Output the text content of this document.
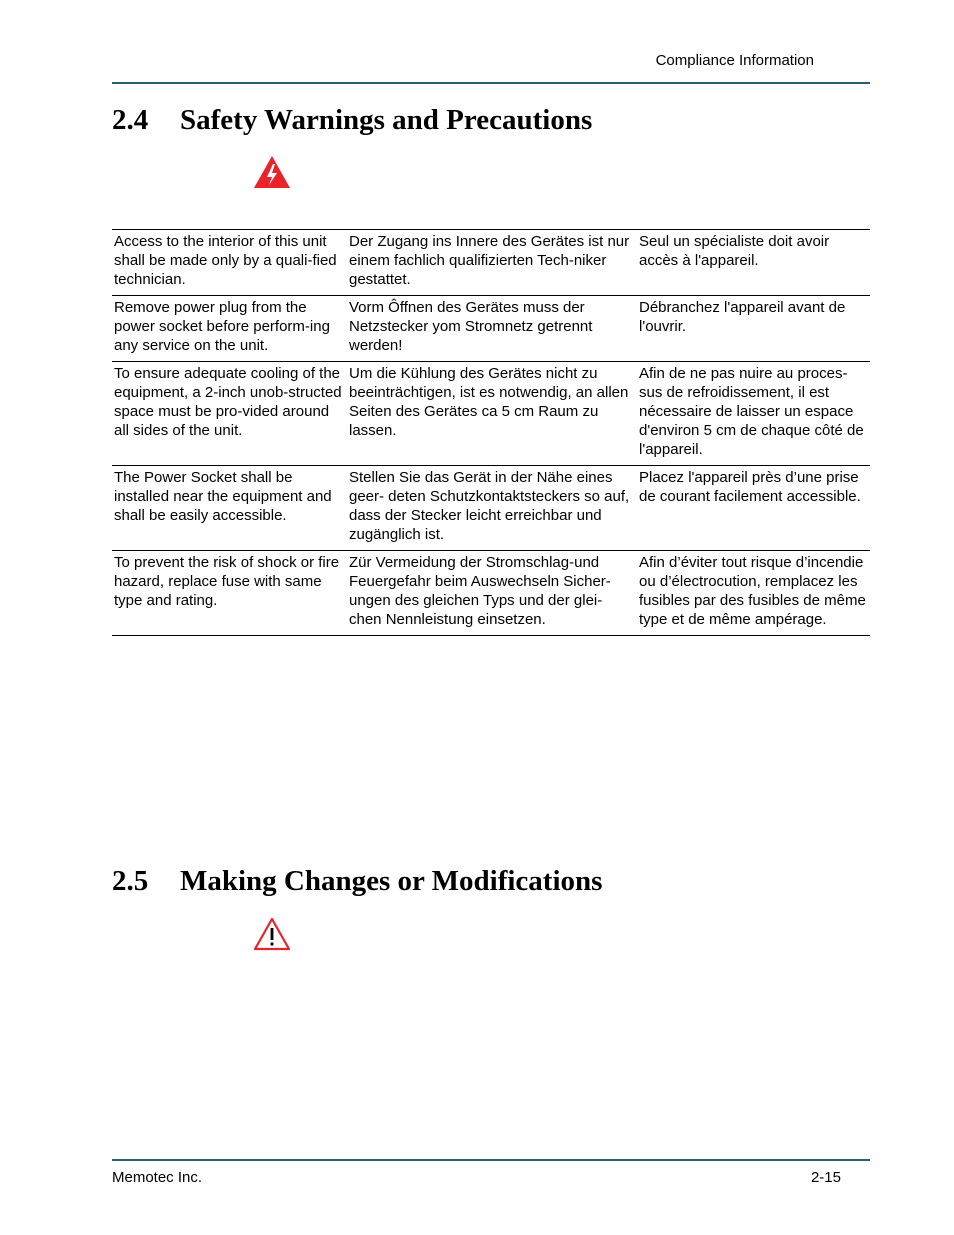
Compliance Information
2.4 Safety Warnings and Precautions
Access to the interior of this unit shall be made only by a quali-fied technician.	Der Zugang ins Innere des Gerätes ist nur einem fachlich qualifizierten Tech-niker gestattet.	Seul un spécialiste doit avoir accès à l'appareil.
Remove power plug from the power socket before perform-ing any service on the unit.	Vorm Ôffnen des Gerätes muss der Netzstecker yom Stromnetz getrennt werden!	Débranchez l'appareil avant de l'ouvrir.
To ensure adequate cooling of the equipment, a 2-inch unob-structed space must be pro-vided around all sides of the unit.	Um die Kühlung des Gerätes nicht zu beeinträchtigen, ist es notwendig, an allen Seiten des Gerätes ca 5 cm Raum zu lassen.	Afin de ne pas nuire au proces-sus de refroidissement, il est nécessaire de laisser un espace d'environ 5 cm de chaque côté de l'appareil.
The Power Socket shall be installed near the equipment and shall be easily accessible.	Stellen Sie das Gerät in der Nähe eines geer- deten Schutzkontaktsteckers so auf, dass der Stecker leicht erreichbar und zugänglich ist.	Placez l'appareil près d’une prise de courant facilement accessible.
To prevent the risk of shock or fire hazard, replace fuse with same type and rating.	Zür Vermeidung der Stromschlag-und Feuergefahr beim Auswechseln Sicher-ungen des gleichen Typs und der glei-chen Nennleistung einsetzen.	Afin d’éviter tout risque d’incendie ou d’électrocution, remplacez les fusibles par des fusibles de même type et de même ampérage.
2.5 Making Changes or Modifications
Memotec Inc.	2-15
